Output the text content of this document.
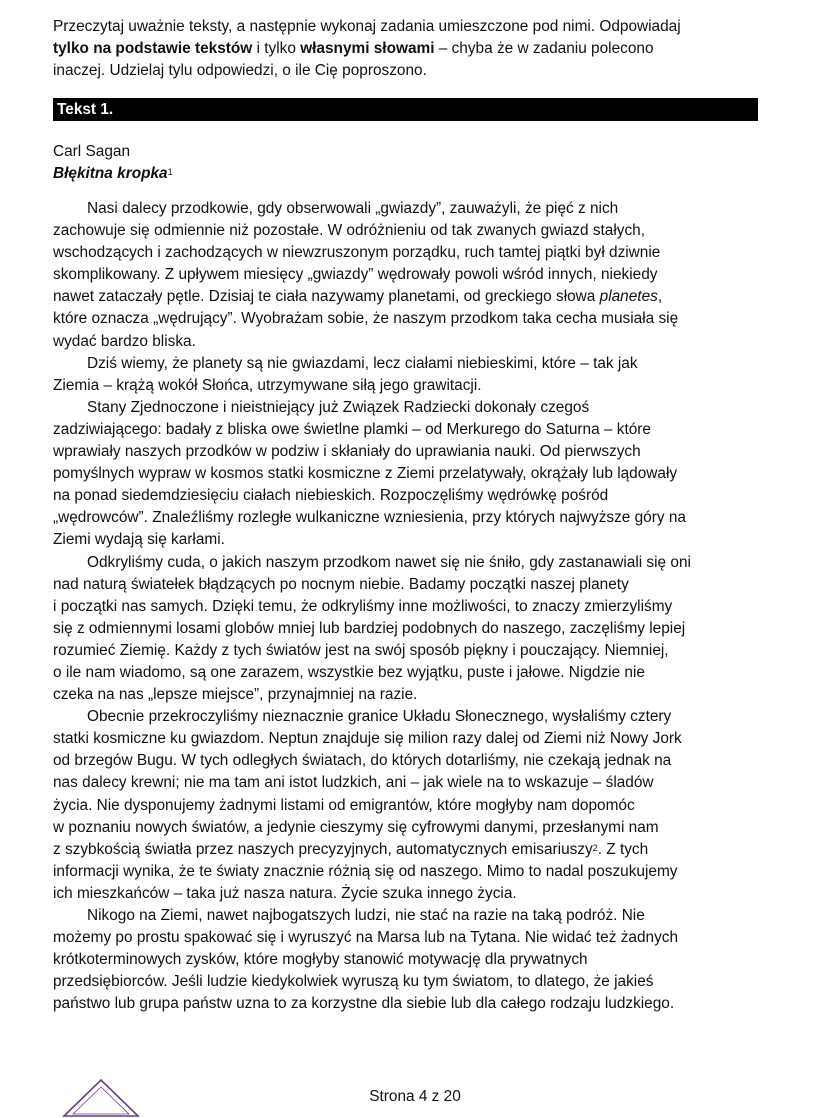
Przeczytaj uważnie teksty, a następnie wykonaj zadania umieszczone pod nimi. Odpowiadaj
tylko na podstawie tekstów i tylko własnymi słowami – chyba że w zadaniu polecono
inaczej. Udzielaj tylu odpowiedzi, o ile Cię poproszono.

Tekst 1.
Carl Sagan
Błękitna kropka$^1$

Nasi dalecy przodkowie, gdy obserwowali „gwiazdy”, zauważyli, że pięć z nich
zachowuje się odmiennie niż pozostałe. W odróżnieniu od tak zwanych gwiazd stałych,
wschodzących i zachodzących w niewzruszonym porządku, ruch tamtej piątki był dziwnie
skomplikowany. Z upływem miesięcy „gwiazdy” wędrowały powoli wśród innych, niekiedy
nawet zataczały pętle. Dzisiaj te ciała nazywamy planetami, od greckiego słowa planetes,
które oznacza „wędrujący”. Wyobrażam sobie, że naszym przodkom taka cecha musiała się
wydać bardzo bliska.

Dziś wiemy, że planety są nie gwiazdami, lecz ciałami niebieskimi, które – tak jak
Ziemia – krążą wokół Słońca, utrzymywane siłą jego grawitacji.

Stany Zjednoczone i nieistniejący już Związek Radziecki dokonały czegoś
zadziwiającego: badały z bliska owe świetlne plamki – od Merkurego do Saturna – które
wprawiały naszych przodków w podziw i skłaniały do uprawiania nauki. Od pierwszych
pomyślnych wypraw w kosmos statki kosmiczne z Ziemi przelatywały, okrążały lub lądowały
na ponad siedemdziesięciu ciałach niebieskich. Rozpoczęliśmy wędrówkę pośród
„wędrowców”. Znaleźliśmy rozległe wulkaniczne wzniesienia, przy których najwyższe góry na
Ziemi wydają się karłami.

Odkryliśmy cuda, o jakich naszym przodkom nawet się nie śniło, gdy zastanawiali się oni
nad naturą światełek błądzących po nocnym niebie. Badamy początki naszej planety
i początki nas samych. Dzięki temu, że odkryliśmy inne możliwości, to znaczy zmierzyliśmy
się z odmiennymi losami globów mniej lub bardziej podobnych do naszego, zaczęliśmy lepiej
rozumieć Ziemię. Każdy z tych światów jest na swój sposób piękny i pouczający. Niemniej,
o ile nam wiadomo, są one zarazem, wszystkie bez wyjątku, puste i jałowe. Nigdzie nie
czeka na nas „lepsze miejsce”, przynajmniej na razie.

Obecnie przekroczyliśmy nieznacznie granice Układu Słonecznego, wysłaliśmy cztery
statki kosmiczne ku gwiazdom. Neptun znajduje się milion razy dalej od Ziemi niż Nowy Jork
od brzegów Bugu. W tych odległych światach, do których dotarliśmy, nie czekają jednak na
nas dalecy krewni; nie ma tam ani istot ludzkich, ani – jak wiele na to wskazuje – śladów
życia. Nie dysponujemy żadnymi listami od emigrantów, które mogłyby nam dopomóc
w poznaniu nowych światów, a jedynie cieszymy się cyfrowymi danymi, przesłanymi nam
z szybkością światła przez naszych precyzyjnych, automatycznych emisariuszy$^2$. Z tych
informacji wynika, że te światy znacznie różnią się od naszego. Mimo to nadal poszukujemy
ich mieszkańców – taka już nasza natura. Życie szuka innego życia.

Nikogo na Ziemi, nawet najbogatszych ludzi, nie stać na razie na taką podróż. Nie
możemy po prostu spakować się i wyruszyć na Marsa lub na Tytana. Nie widać też żadnych
krótkoterminowych zysków, które mogłyby stanowić motywację dla prywatnych
przedsiębiorców. Jeśli ludzie kiedykolwiek wyruszą ku tym światom, to dlatego, że jakieś
państwo lub grupa państw uzna to za korzystne dla siebie lub dla całego rodzaju ludzkiego.

Strona 4 z 20
